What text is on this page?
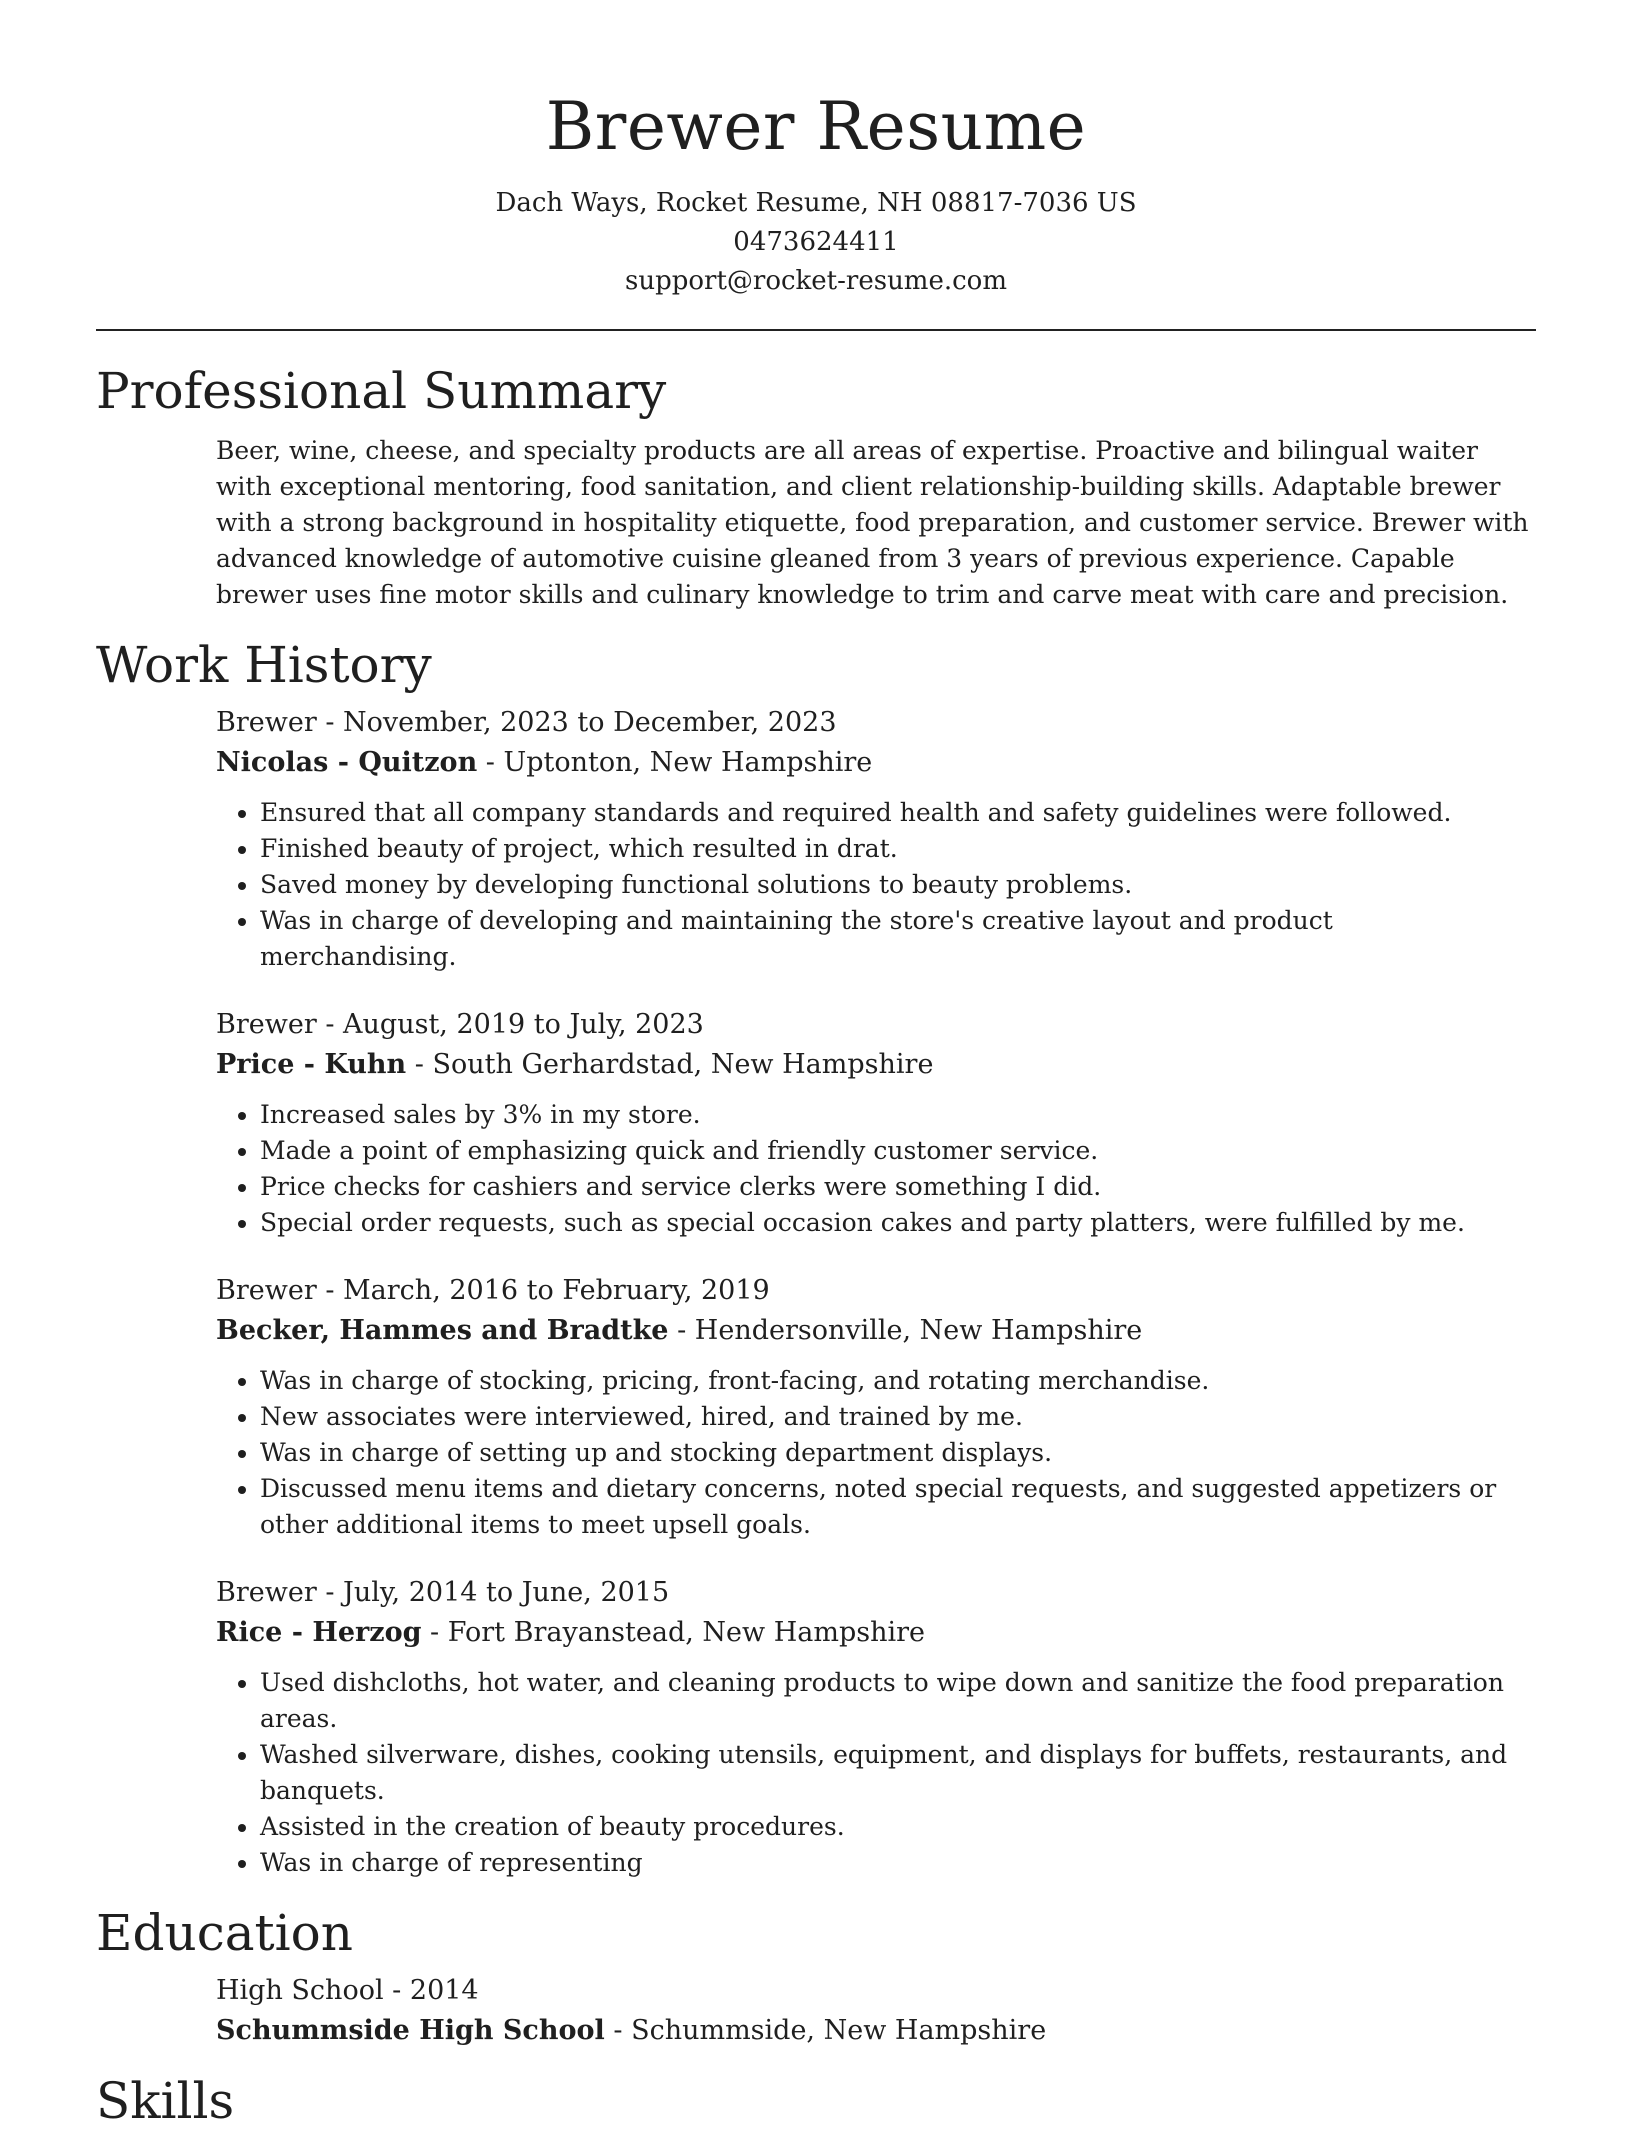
Brewer Resume
Dach Ways, Rocket Resume, NH 08817-7036 US
0473624411
support@rocket-resume.com
Professional Summary
Beer, wine, cheese, and specialty products are all areas of expertise. Proactive and bilingual waiter with exceptional mentoring, food sanitation, and client relationship-building skills. Adaptable brewer with a strong background in hospitality etiquette, food preparation, and customer service. Brewer with advanced knowledge of automotive cuisine gleaned from 3 years of previous experience. Capable brewer uses fine motor skills and culinary knowledge to trim and carve meat with care and precision.
Work History
Brewer - November, 2023 to December, 2023
Nicolas - Quitzon - Uptonton, New Hampshire
• Ensured that all company standards and required health and safety guidelines were followed.
• Finished beauty of project, which resulted in drat.
• Saved money by developing functional solutions to beauty problems.
• Was in charge of developing and maintaining the store's creative layout and product merchandising.
Brewer - August, 2019 to July, 2023
Price - Kuhn - South Gerhardstad, New Hampshire
• Increased sales by 3% in my store.
• Made a point of emphasizing quick and friendly customer service.
• Price checks for cashiers and service clerks were something I did.
• Special order requests, such as special occasion cakes and party platters, were fulfilled by me.
Brewer - March, 2016 to February, 2019
Becker, Hammes and Bradtke - Hendersonville, New Hampshire
• Was in charge of stocking, pricing, front-facing, and rotating merchandise.
• New associates were interviewed, hired, and trained by me.
• Was in charge of setting up and stocking department displays.
• Discussed menu items and dietary concerns, noted special requests, and suggested appetizers or other additional items to meet upsell goals.
Brewer - July, 2014 to June, 2015
Rice - Herzog - Fort Brayanstead, New Hampshire
• Used dishcloths, hot water, and cleaning products to wipe down and sanitize the food preparation areas.
• Washed silverware, dishes, cooking utensils, equipment, and displays for buffets, restaurants, and banquets.
• Assisted in the creation of beauty procedures.
• Was in charge of representing
Education
High School - 2014
Schummside High School - Schummside, New Hampshire
Skills
